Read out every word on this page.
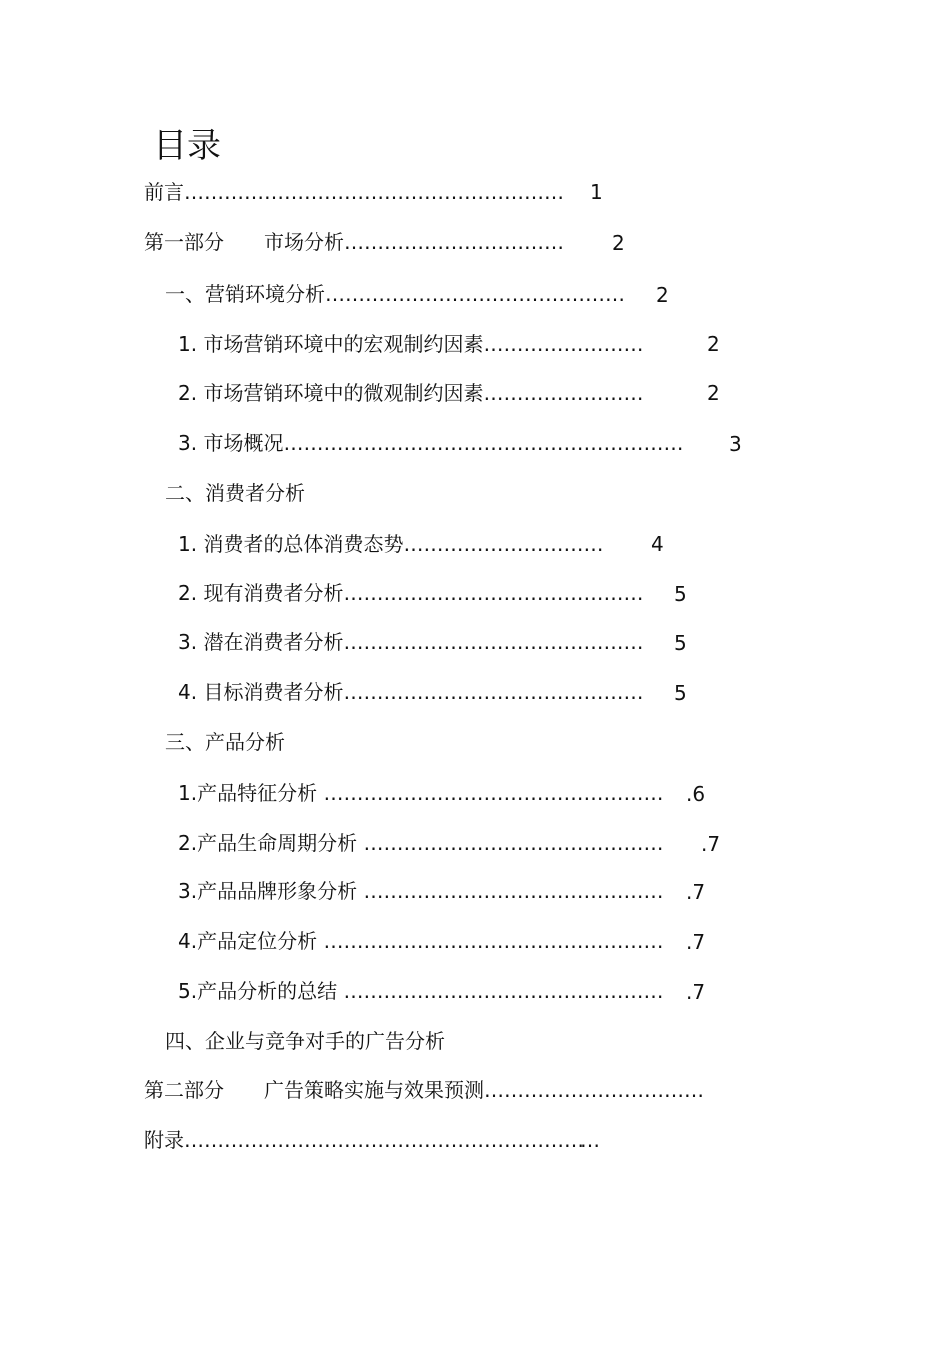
目录
前言………………………………………………… 1
第一部分　　市场分析…………………………… 2
一、营销环境分析……………………………………… 2
1. 市场营销环境中的宏观制约因素……………………	2
2. 市场营销环境中的微观制约因素……………………	2
3. 市场概况…………………………………………………… 3
二、消费者分析
1. 消费者的总体消费态势………………………… 4
2. 现有消费者分析……………………………………… 5
3. 潜在消费者分析……………………………………… 5
4. 目标消费者分析……………………………………… 5
三、产品分析
1.产品特征分析 …………………………………………… .6
2.产品生命周期分析 ……………………………………… .7
3.产品品牌形象分析 ……………………………………… .7
4.产品定位分析 …………………………………………… .7
5.产品分析的总结 ………………………………………… .7
四、企业与竞争对手的广告分析
第二部分　　广告策略实施与效果预测……………………………
附录……………………………………………………
…
